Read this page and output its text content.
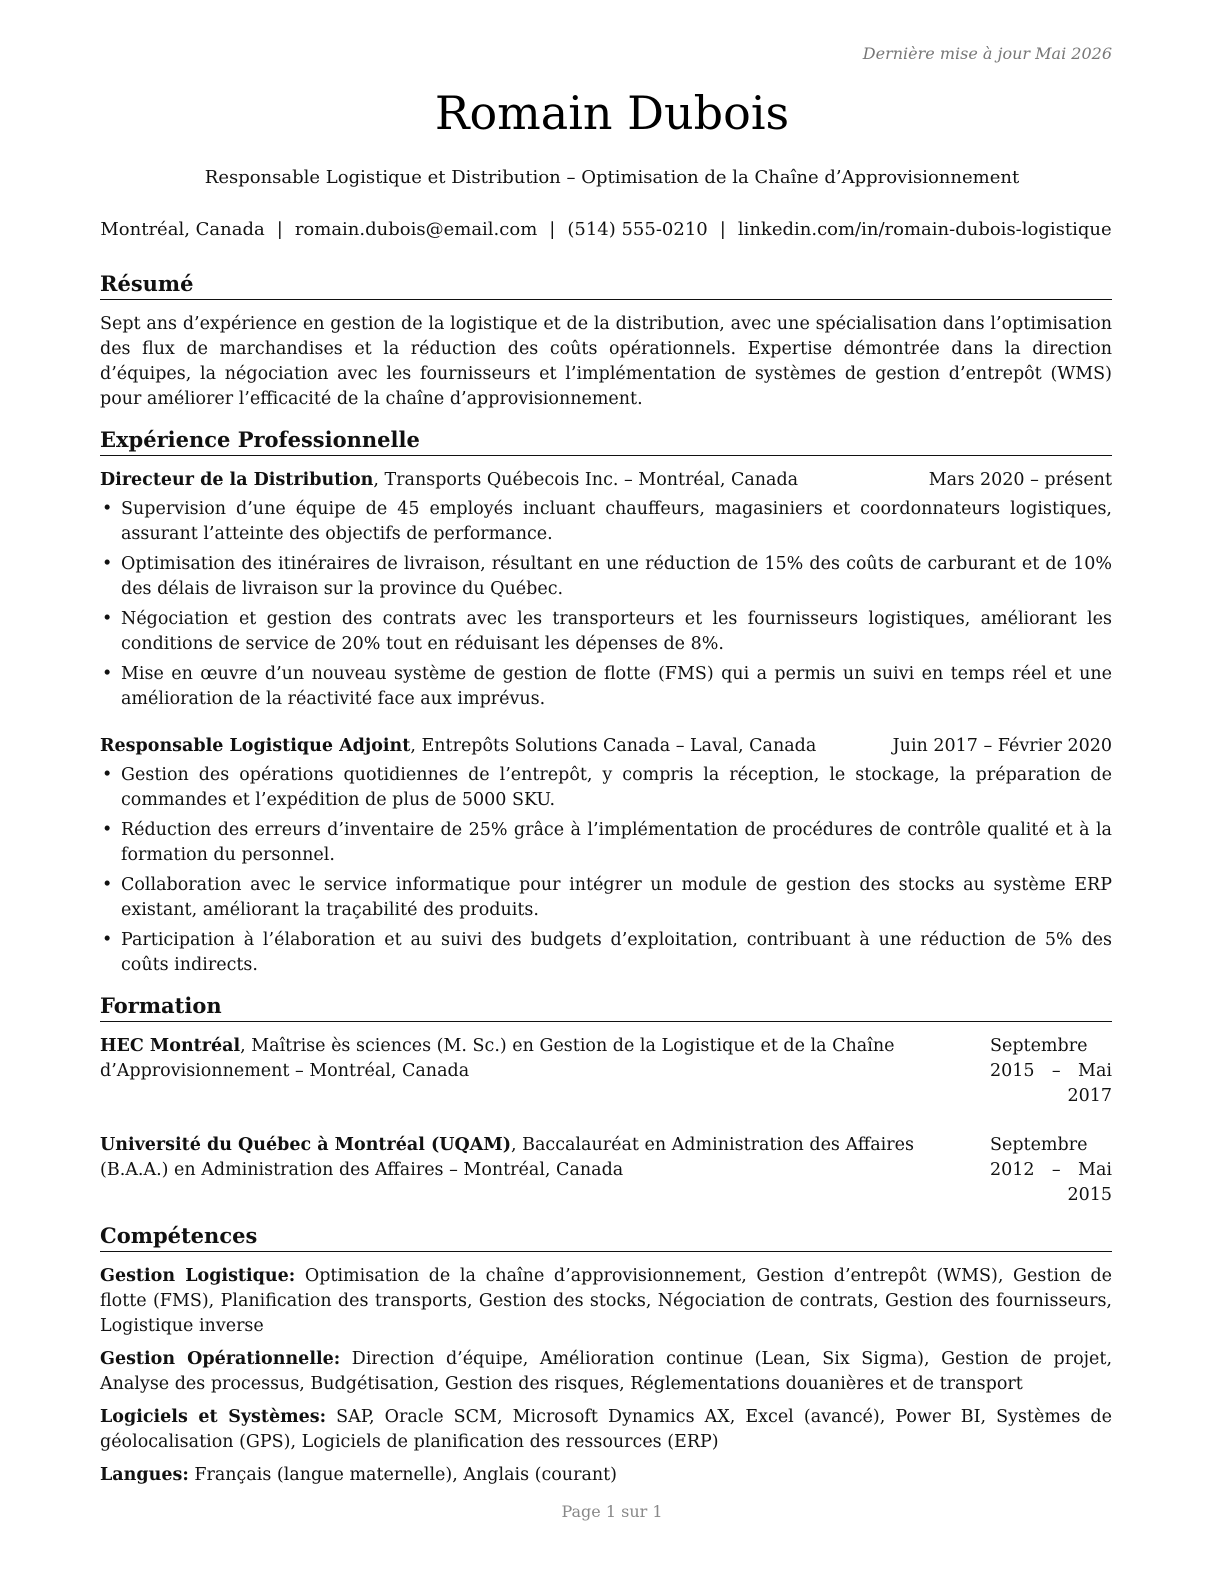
Dernière mise à jour Mai 2026
Romain Dubois
Responsable Logistique et Distribution – Optimisation de la Chaîne d’Approvisionnement
Montréal, Canada | romain.dubois@email.com | (514) 555-0210 | linkedin.com/in/romain-dubois-logistique
Résumé

Sept ans d’expérience en gestion de la logistique et de la distribution, avec une spécialisation dans l’optimisation des flux de marchandises et la réduction des coûts opérationnels. Expertise démontrée dans la direction d’équipes, la négociation avec les fournisseurs et l’implémentation de systèmes de gestion d’entrepôt (WMS) pour améliorer l’efficacité de la chaîne d’approvisionnement.

Expérience Professionnelle
Directeur de la Distribution, Transports Québecois Inc. – Montréal, Canada	Mars 2020 – présent
• Supervision d’une équipe de 45 employés incluant chauffeurs, magasiniers et coordonnateurs logistiques, assurant l’atteinte des objectifs de performance.
• Optimisation des itinéraires de livraison, résultant en une réduction de 15% des coûts de carburant et de 10% des délais de livraison sur la province du Québec.
• Négociation et gestion des contrats avec les transporteurs et les fournisseurs logistiques, améliorant les conditions de service de 20% tout en réduisant les dépenses de 8%.
• Mise en œuvre d’un nouveau système de gestion de flotte (FMS) qui a permis un suivi en temps réel et une amélioration de la réactivité face aux imprévus.
Responsable Logistique Adjoint, Entrepôts Solutions Canada – Laval, Canada	Juin 2017 – Février 2020
• Gestion des opérations quotidiennes de l’entrepôt, y compris la réception, le stockage, la préparation de commandes et l’expédition de plus de 5000 SKU.
• Réduction des erreurs d’inventaire de 25% grâce à l’implémentation de procédures de contrôle qualité et à la formation du personnel.
• Collaboration avec le service informatique pour intégrer un module de gestion des stocks au système ERP existant, améliorant la traçabilité des produits.
• Participation à l’élaboration et au suivi des budgets d’exploitation, contribuant à une réduction de 5% des coûts indirects.
Formation
HEC Montréal, Maîtrise ès sciences (M. Sc.) en Gestion de la Logistique et de la Chaîne d’Approvisionnement – Montréal, Canada
Septembre 2015 – Mai
2017
Université du Québec à Montréal (UQAM), Baccalauréat en Administration des Affaires (B.A.A.) en Administration des Affaires – Montréal, Canada
Septembre 2012 – Mai
2015
Compétences
Gestion Logistique: Optimisation de la chaîne d’approvisionnement, Gestion d’entrepôt (WMS), Gestion de flotte (FMS), Planification des transports, Gestion des stocks, Négociation de contrats, Gestion des fournisseurs, Logistique inverse
Gestion Opérationnelle: Direction d’équipe, Amélioration continue (Lean, Six Sigma), Gestion de projet, Analyse des processus, Budgétisation, Gestion des risques, Réglementations douanières et de transport
Logiciels et Systèmes: SAP, Oracle SCM, Microsoft Dynamics AX, Excel (avancé), Power BI, Systèmes de géolocalisation (GPS), Logiciels de planification des ressources (ERP)
Langues: Français (langue maternelle), Anglais (courant)
Page 1 sur 1
